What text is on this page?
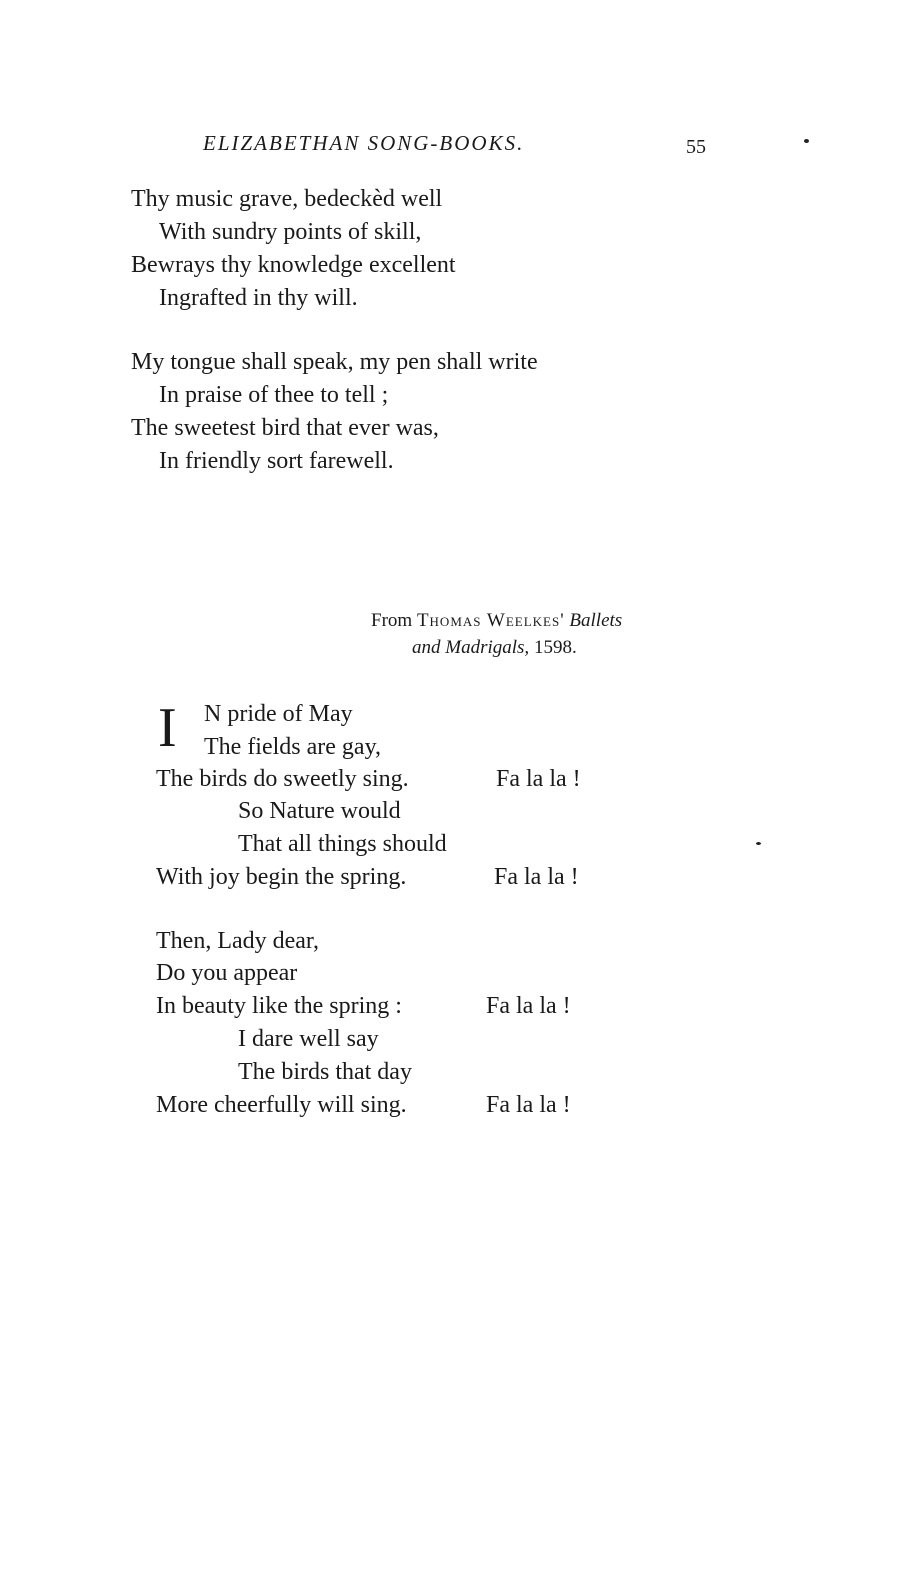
ELIZABETHAN SONG-BOOKS.	55
Thy music grave, bedeckèd well
With sundry points of skill,
Bewrays thy knowledge excellent
Ingrafted in thy will.
My tongue shall speak, my pen shall write
In praise of thee to tell ;
The sweetest bird that ever was,
In friendly sort farewell.
From Thomas Weelkes' Ballets
and Madrigals, 1598.
I N pride of May
The fields are gay,
The birds do sweetly sing.	Fa la la !
So Nature would
That all things should
With joy begin the spring.	Fa la la !
Then, Lady dear,
Do you appear
In beauty like the spring :	Fa la la !
I dare well say
The birds that day
More cheerfully will sing.	Fa la la !
